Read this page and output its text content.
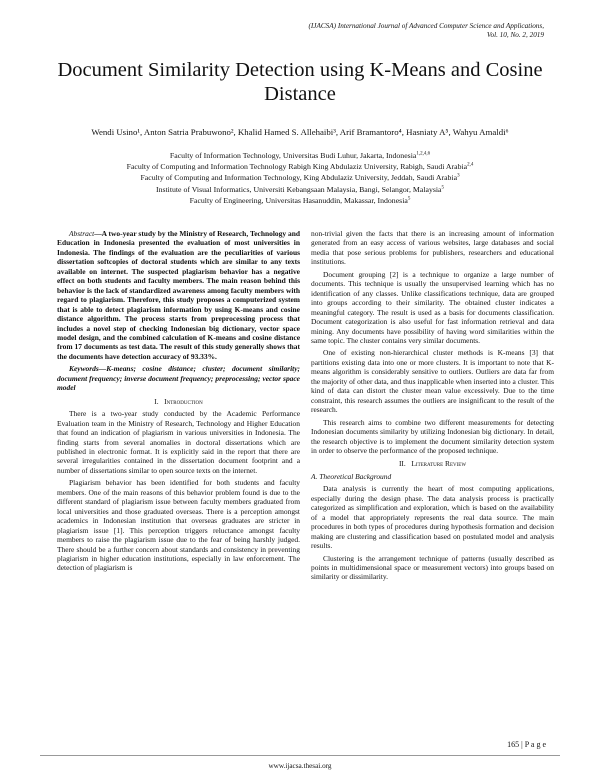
(IJACSA) International Journal of Advanced Computer Science and Applications,
Vol. 10, No. 2, 2019
Document Similarity Detection using K-Means and Cosine Distance
Wendi Usino¹, Anton Satria Prabuwono², Khalid Hamed S. Allehaibi³, Arif Bramantoro⁴, Hasniaty A⁵, Wahyu Amaldi⁶
Faculty of Information Technology, Universitas Budi Luhur, Jakarta, Indonesia$^{1,2,4,6}$
Faculty of Computing and Information Technology Rabigh King Abdulaziz University, Rabigh, Saudi Arabia$^{2,4}$
Faculty of Computing and Information Technology, King Abdulaziz University, Jeddah, Saudi Arabia$^3$
Institute of Visual Informatics, Universiti Kebangsaan Malaysia, Bangi, Selangor, Malaysia$^5$
Faculty of Engineering, Universitas Hasanuddin, Makassar, Indonesia$^5$

Abstract—A two-year study by the Ministry of Research, Technology and Education in Indonesia presented the evaluation of most universities in Indonesia. The findings of the evaluation are the peculiarities of various dissertation softcopies of doctoral students which are similar to any texts available on internet. The suspected plagiarism behavior has a negative effect on both students and faculty members. The main reason behind this behavior is the lack of standardized awareness among faculty members with regard to plagiarism. Therefore, this study proposes a computerized system that is able to detect plagiarism information by using K-means and cosine distance algorithm. The process starts from preprocessing process that includes a novel step of checking Indonesian big dictionary, vector space model design, and the combined calculation of K-means and cosine distance from 17 documents as test data. The result of this study generally shows that the documents have detection accuracy of 93.33%.

Keywords—K-means; cosine distance; cluster; document similarity; document frequency; inverse document frequency; preprocessing; vector space model

I. Introduction

There is a two-year study conducted by the Academic Performance Evaluation team in the Ministry of Research, Technology and Higher Education that found an indication of plagiarism in various universities in Indonesia. The finding starts from several anomalies in doctoral dissertations which are published in electronic format. It is explicitly said in the report that there are several irregularities contained in the dissertation document footprint and a number of dissertations similar to open source texts on the internet.

Plagiarism behavior has been identified for both students and faculty members. One of the main reasons of this behavior problem found is due to the different standard of plagiarism issue between faculty members graduated from local universities and those graduated overseas. There is a perception amongst academics in Indonesian institution that overseas graduates are stricter in plagiarism issue [1]. This perception triggers reluctance amongst faculty members to raise the plagiarism issue due to the fear of being harshly judged. There should be a further concern about standards and consistency in preventing plagiarism in higher education institutions, especially in law enforcement. The detection of plagiarism is

non-trivial given the facts that there is an increasing amount of information generated from an easy access of various websites, large databases and social media that pose serious problems for publishers, researchers and educational institutions.

Document grouping [2] is a technique to organize a large number of documents. This technique is usually the unsupervised learning which has no identification of any classes. Unlike classifications technique, data are grouped into groups according to their similarity. The obtained cluster indicates a meaningful category. The result is used as a basis for documents classification. Document categorization is also useful for fast information retrieval and data mining. Any documents have possibility of having word similarities within the same topic. The cluster contains very similar documents.

One of existing non-hierarchical cluster methods is K-means [3] that partitions existing data into one or more clusters. It is important to note that K-means algorithm is considerably sensitive to outliers. Outliers are data far from the majority of other data, and thus inapplicable when inserted into a cluster. This kind of data can distort the cluster mean value excessively. Due to the time constraint, this research assumes the outliers are insignificant to the result of the research.

This research aims to combine two different measurements for detecting Indonesian documents similarity by utilizing Indonesian big dictionary. In detail, the research objective is to implement the document similarity detection system in order to observe the performance of the proposed technique.

II. Literature Review
A. Theoretical Background

Data analysis is currently the heart of most computing applications, especially during the design phase. The data analysis process is practically categorized as simplification and exploration, which is based on the availability of a model that appropriately represents the real data source. The main procedures in both types of procedures during hypothesis formation and decision making are clustering and classification based on postulated model and analysis results.

Clustering is the arrangement technique of patterns (usually described as points in multidimensional space or measurement vectors) into groups based on similarity or dissimilarity.

165 | P a g e
www.ijacsa.thesai.org
